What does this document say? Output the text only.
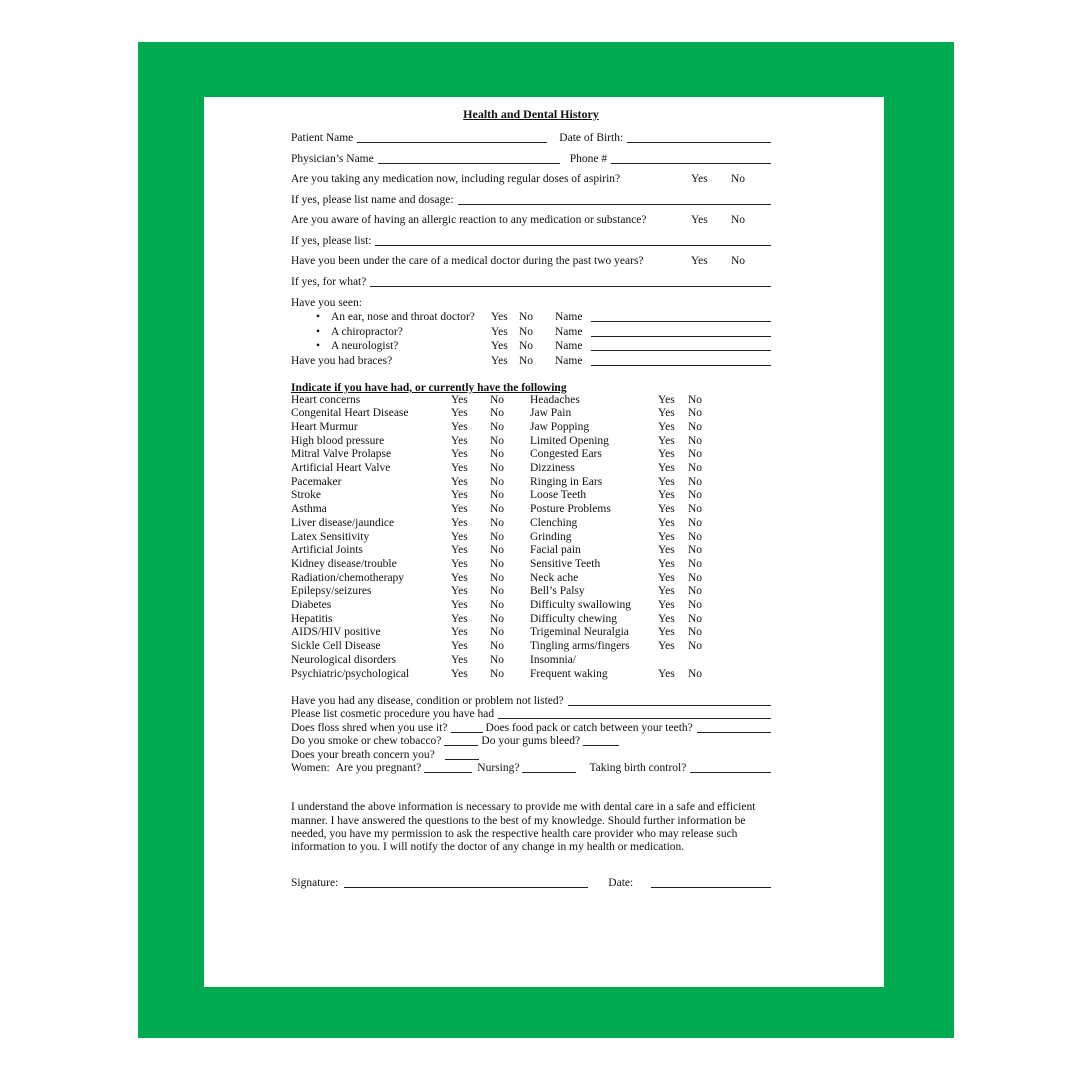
Health and Dental History
Patient Name	Date of Birth:
Physician’s Name	Phone #
Are you taking any medication now, including regular doses of aspirin?	Yes	No
If yes, please list name and dosage:
Are you aware of having an allergic reaction to any medication or substance?	Yes	No
If yes, please list:
Have you been under the care of a medical doctor during the past two years?	Yes	No
If yes, for what?
Have you seen:
• An ear, nose and throat doctor?	Yes No	Name
• A chiropractor?	Yes No	Name
• A neurologist?	Yes No	Name
Have you had braces?	Yes No	Name
Indicate if you have had, or currently have the following
Heart concerns	Yes	No	Headaches	Yes	No
Congenital Heart Disease	Yes	No	Jaw Pain	Yes	No
Heart Murmur	Yes	No	Jaw Popping	Yes	No
High blood pressure	Yes	No	Limited Opening	Yes	No
Mitral Valve Prolapse	Yes	No	Congested Ears	Yes	No
Artificial Heart Valve	Yes	No	Dizziness	Yes	No
Pacemaker	Yes	No	Ringing in Ears	Yes	No
Stroke	Yes	No	Loose Teeth	Yes	No
Asthma	Yes	No	Posture Problems	Yes	No
Liver disease/jaundice	Yes	No	Clenching	Yes	No
Latex Sensitivity	Yes	No	Grinding	Yes	No
Artificial Joints	Yes	No	Facial pain	Yes	No
Kidney disease/trouble	Yes	No	Sensitive Teeth	Yes	No
Radiation/chemotherapy	Yes	No	Neck ache	Yes	No
Epilepsy/seizures	Yes	No	Bell’s Palsy	Yes	No
Diabetes	Yes	No	Difficulty swallowing	Yes	No
Hepatitis	Yes	No	Difficulty chewing	Yes	No
AIDS/HIV positive	Yes	No	Trigeminal Neuralgia	Yes	No
Sickle Cell Disease	Yes	No	Tingling arms/fingers	Yes	No
Neurological disorders	Yes	No	Insomnia/		
Psychiatric/psychological	Yes	No	Frequent waking	Yes	No
Have you had any disease, condition or problem not listed?
Please list cosmetic procedure you have had
Does floss shred when you use it?	Does food pack or catch between your teeth?
Do you smoke or chew tobacco?	Do your gums bleed?
Does your breath concern you?
Women: Are you pregnant?	Nursing?	Taking birth control?
I understand the above information is necessary to provide me with dental care in a safe and efficient manner. I have answered the questions to the best of my knowledge. Should further information be needed, you have my permission to ask the respective health care provider who may release such information to you. I will notify the doctor of any change in my health or medication.
Signature:	Date:
